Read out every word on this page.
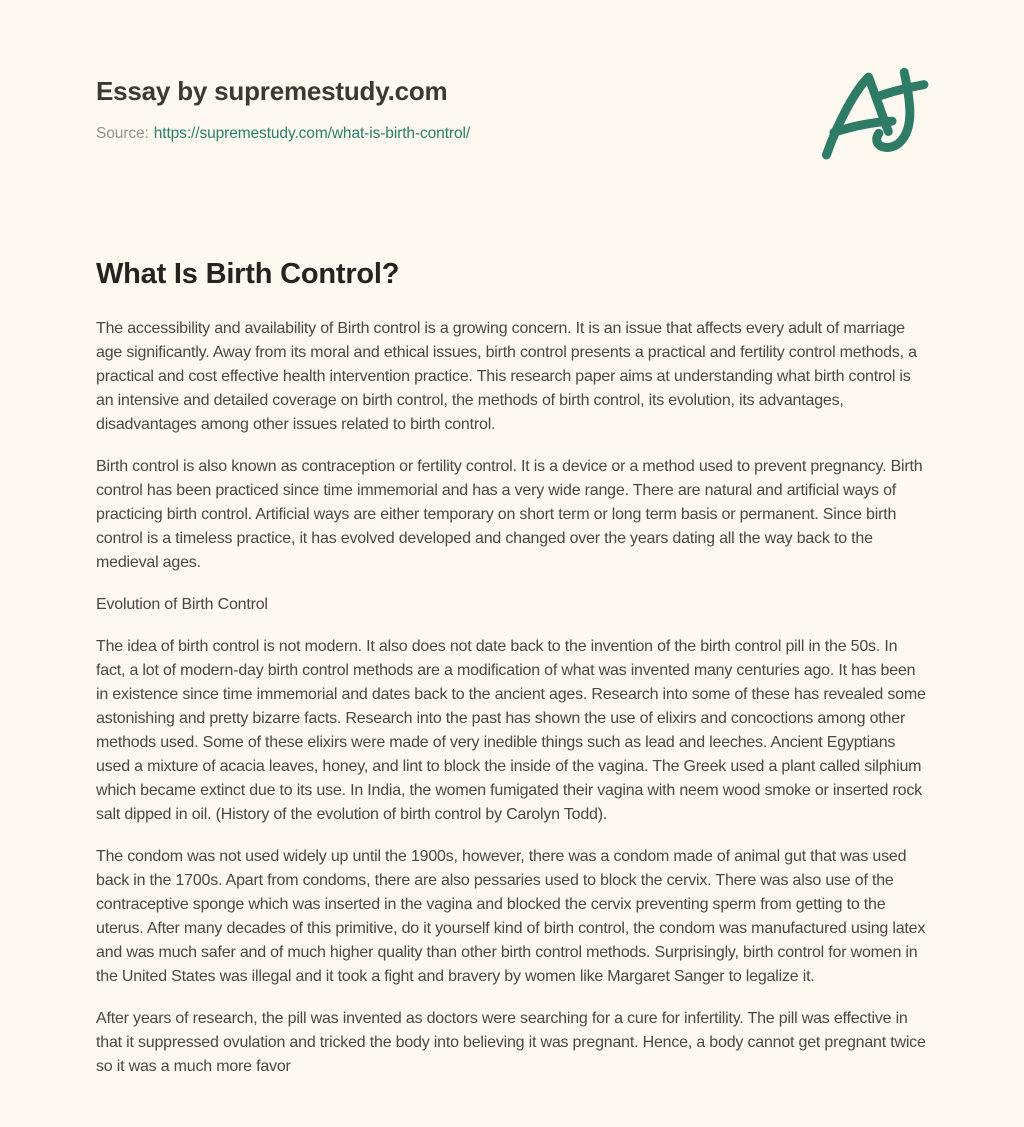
Essay by supremestudy.com
Source: https://supremestudy.com/what-is-birth-control/
What Is Birth Control?

The accessibility and availability of Birth control is a growing concern. It is an issue that affects every adult of marriage age significantly. Away from its moral and ethical issues, birth control presents a practical and fertility control methods, a practical and cost effective health intervention practice. This research paper aims at understanding what birth control is an intensive and detailed coverage on birth control, the methods of birth control, its evolution, its advantages, disadvantages among other issues related to birth control.

Birth control is also known as contraception or fertility control. It is a device or a method used to prevent pregnancy. Birth control has been practiced since time immemorial and has a very wide range. There are natural and artificial ways of practicing birth control. Artificial ways are either temporary on short term or long term basis or permanent. Since birth control is a timeless practice, it has evolved developed and changed over the years dating all the way back to the medieval ages.

Evolution of Birth Control

The idea of birth control is not modern. It also does not date back to the invention of the birth control pill in the 50s. In fact, a lot of modern-day birth control methods are a modification of what was invented many centuries ago. It has been in existence since time immemorial and dates back to the ancient ages. Research into some of these has revealed some astonishing and pretty bizarre facts. Research into the past has shown the use of elixirs and concoctions among other methods used. Some of these elixirs were made of very inedible things such as lead and leeches. Ancient Egyptians used a mixture of acacia leaves, honey, and lint to block the inside of the vagina. The Greek used a plant called silphium which became extinct due to its use. In India, the women fumigated their vagina with neem wood smoke or inserted rock salt dipped in oil. (History of the evolution of birth control by Carolyn Todd).

The condom was not used widely up until the 1900s, however, there was a condom made of animal gut that was used back in the 1700s. Apart from condoms, there are also pessaries used to block the cervix. There was also use of the contraceptive sponge which was inserted in the vagina and blocked the cervix preventing sperm from getting to the uterus. After many decades of this primitive, do it yourself kind of birth control, the condom was manufactured using latex and was much safer and of much higher quality than other birth control methods. Surprisingly, birth control for women in the United States was illegal and it took a fight and bravery by women like Margaret Sanger to legalize it.

After years of research, the pill was invented as doctors were searching for a cure for infertility. The pill was effective in that it suppressed ovulation and tricked the body into believing it was pregnant. Hence, a body cannot get pregnant twice so it was a much more favor
